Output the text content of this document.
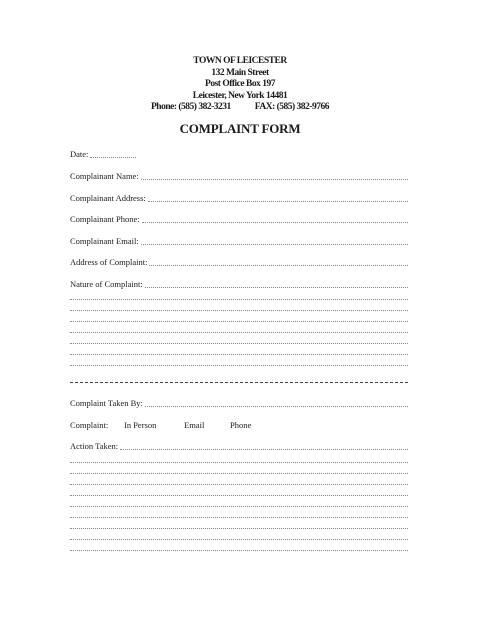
TOWN OF LEICESTER
132 Main Street
Post Office Box 197
Leicester, New York 14481
Phone: (585) 382-3231	FAX: (585) 382-9766
COMPLAINT FORM
Date:
Complainant Name:
Complainant Address:
Complainant Phone:
Complainant Email:
Address of Complaint:
Nature of Complaint:
Complaint Taken By:
Complaint: In Person	Email	Phone
Action Taken:
